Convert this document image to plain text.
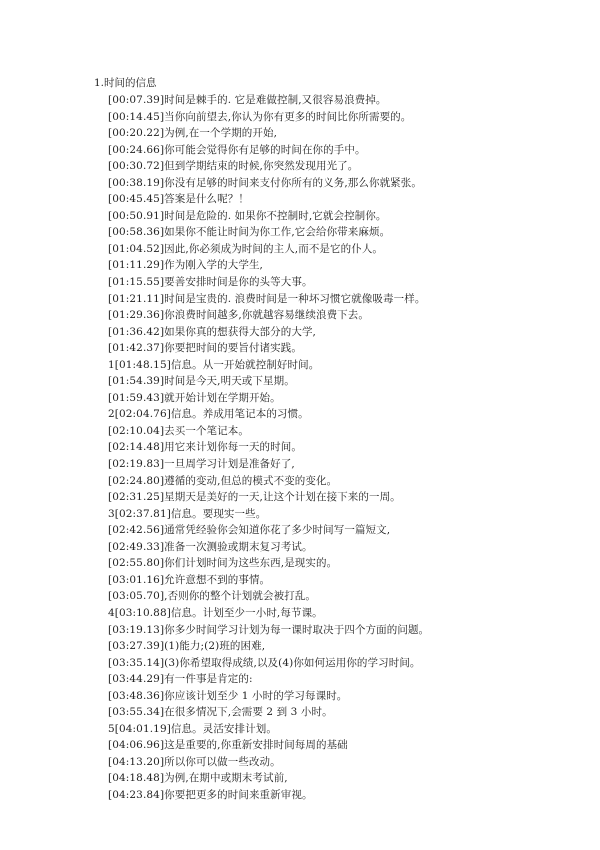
1.时间的信息
[00:07.39]时间是棘手的. 它是难做控制,又很容易浪费掉。
[00:14.45]当你向前望去,你认为你有更多的时间比你所需要的。
[00:20.22]为例,在一个学期的开始,
[00:24.66]你可能会觉得你有足够的时间在你的手中。
[00:30.72]但到学期结束的时候,你突然发现用光了。
[00:38.19]你没有足够的时间来支付你所有的义务,那么你就紧张。
[00:45.45]答案是什么呢？！
[00:50.91]时间是危险的. 如果你不控制时,它就会控制你。
[00:58.36]如果你不能让时间为你工作,它会给你带来麻烦。
[01:04.52]因此,你必须成为时间的主人,而不是它的仆人。
[01:11.29]作为刚入学的大学生,
[01:15.55]要善安排时间是你的头等大事。
[01:21.11]时间是宝贵的. 浪费时间是一种坏习惯它就像吸毒一样。
[01:29.36]你浪费时间越多,你就越容易继续浪费下去。
[01:36.42]如果你真的想获得大部分的大学,
[01:42.37]你要把时间的要旨付诸实践。
1[01:48.15]信息。从一开始就控制好时间。
[01:54.39]时间是今天,明天或下星期。
[01:59.43]就开始计划在学期开始。
2[02:04.76]信息。养成用笔记本的习惯。
[02:10.04]去买一个笔记本。
[02:14.48]用它来计划你每一天的时间。
[02:19.83]一旦周学习计划是准备好了,
[02:24.80]遵循的变动,但总的模式不变的变化。
[02:31.25]星期天是美好的一天,让这个计划在接下来的一周。
3[02:37.81]信息。要现实一些。
[02:42.56]通常凭经验你会知道你花了多少时间写一篇短文,
[02:49.33]准备一次测验或期末复习考试。
[02:55.80]你们计划时间为这些东西,是现实的。
[03:01.16]允许意想不到的事情。
[03:05.70],否则你的整个计划就会被打乱。
4[03:10.88]信息。计划至少一小时,每节课。
[03:19.13]你多少时间学习计划为每一课时取决于四个方面的问题。
[03:27.39](1)能力;(2)班的困难,
[03:35.14](3)你希望取得成绩,以及(4)你如何运用你的学习时间。
[03:44.29]有一件事是肯定的:
[03:48.36]你应该计划至少 1 小时的学习每课时。
[03:55.34]在很多情况下,会需要 2 到 3 小时。
5[04:01.19]信息。灵活安排计划。
[04:06.96]这是重要的,你重新安排时间每周的基础
[04:13.20]所以你可以做一些改动。
[04:18.48]为例,在期中或期末考试前,
[04:23.84]你要把更多的时间来重新审视。
